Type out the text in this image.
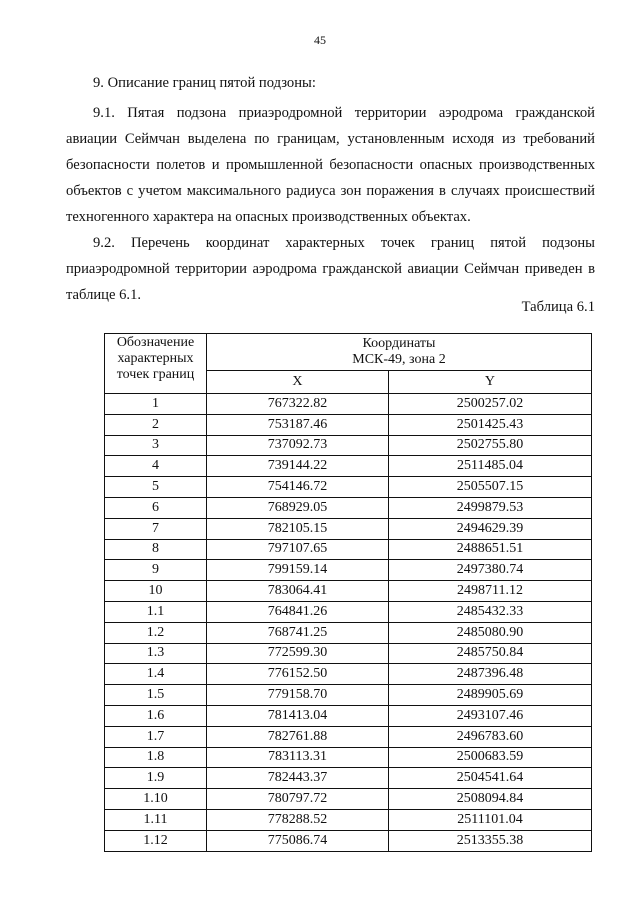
45

9. Описание границ пятой подзоны:

9.1. Пятая подзона приаэродромной территории аэродрома гражданской авиации Сеймчан выделена по границам, установленным исходя из требований безопасности полетов и промышленной безопасности опасных производственных объектов с учетом максимального радиуса зон поражения в случаях происшествий техногенного характера на опасных производственных объектах.

9.2. Перечень координат характерных точек границ пятой подзоны приаэродромной территории аэродрома гражданской авиации Сеймчан приведен в таблице 6.1.

Таблица 6.1
Обозначение
характерных
точек границ	Координаты
МСК-49, зона 2	

	X	Y
1	767322.82	2500257.02
2	753187.46	2501425.43
3	737092.73	2502755.80
4	739144.22	2511485.04
5	754146.72	2505507.15
6	768929.05	2499879.53
7	782105.15	2494629.39
8	797107.65	2488651.51
9	799159.14	2497380.74
10	783064.41	2498711.12
1.1	764841.26	2485432.33
1.2	768741.25	2485080.90
1.3	772599.30	2485750.84
1.4	776152.50	2487396.48
1.5	779158.70	2489905.69
1.6	781413.04	2493107.46
1.7	782761.88	2496783.60
1.8	783113.31	2500683.59
1.9	782443.37	2504541.64
1.10	780797.72	2508094.84
1.11	778288.52	2511101.04
1.12	775086.74	2513355.38
